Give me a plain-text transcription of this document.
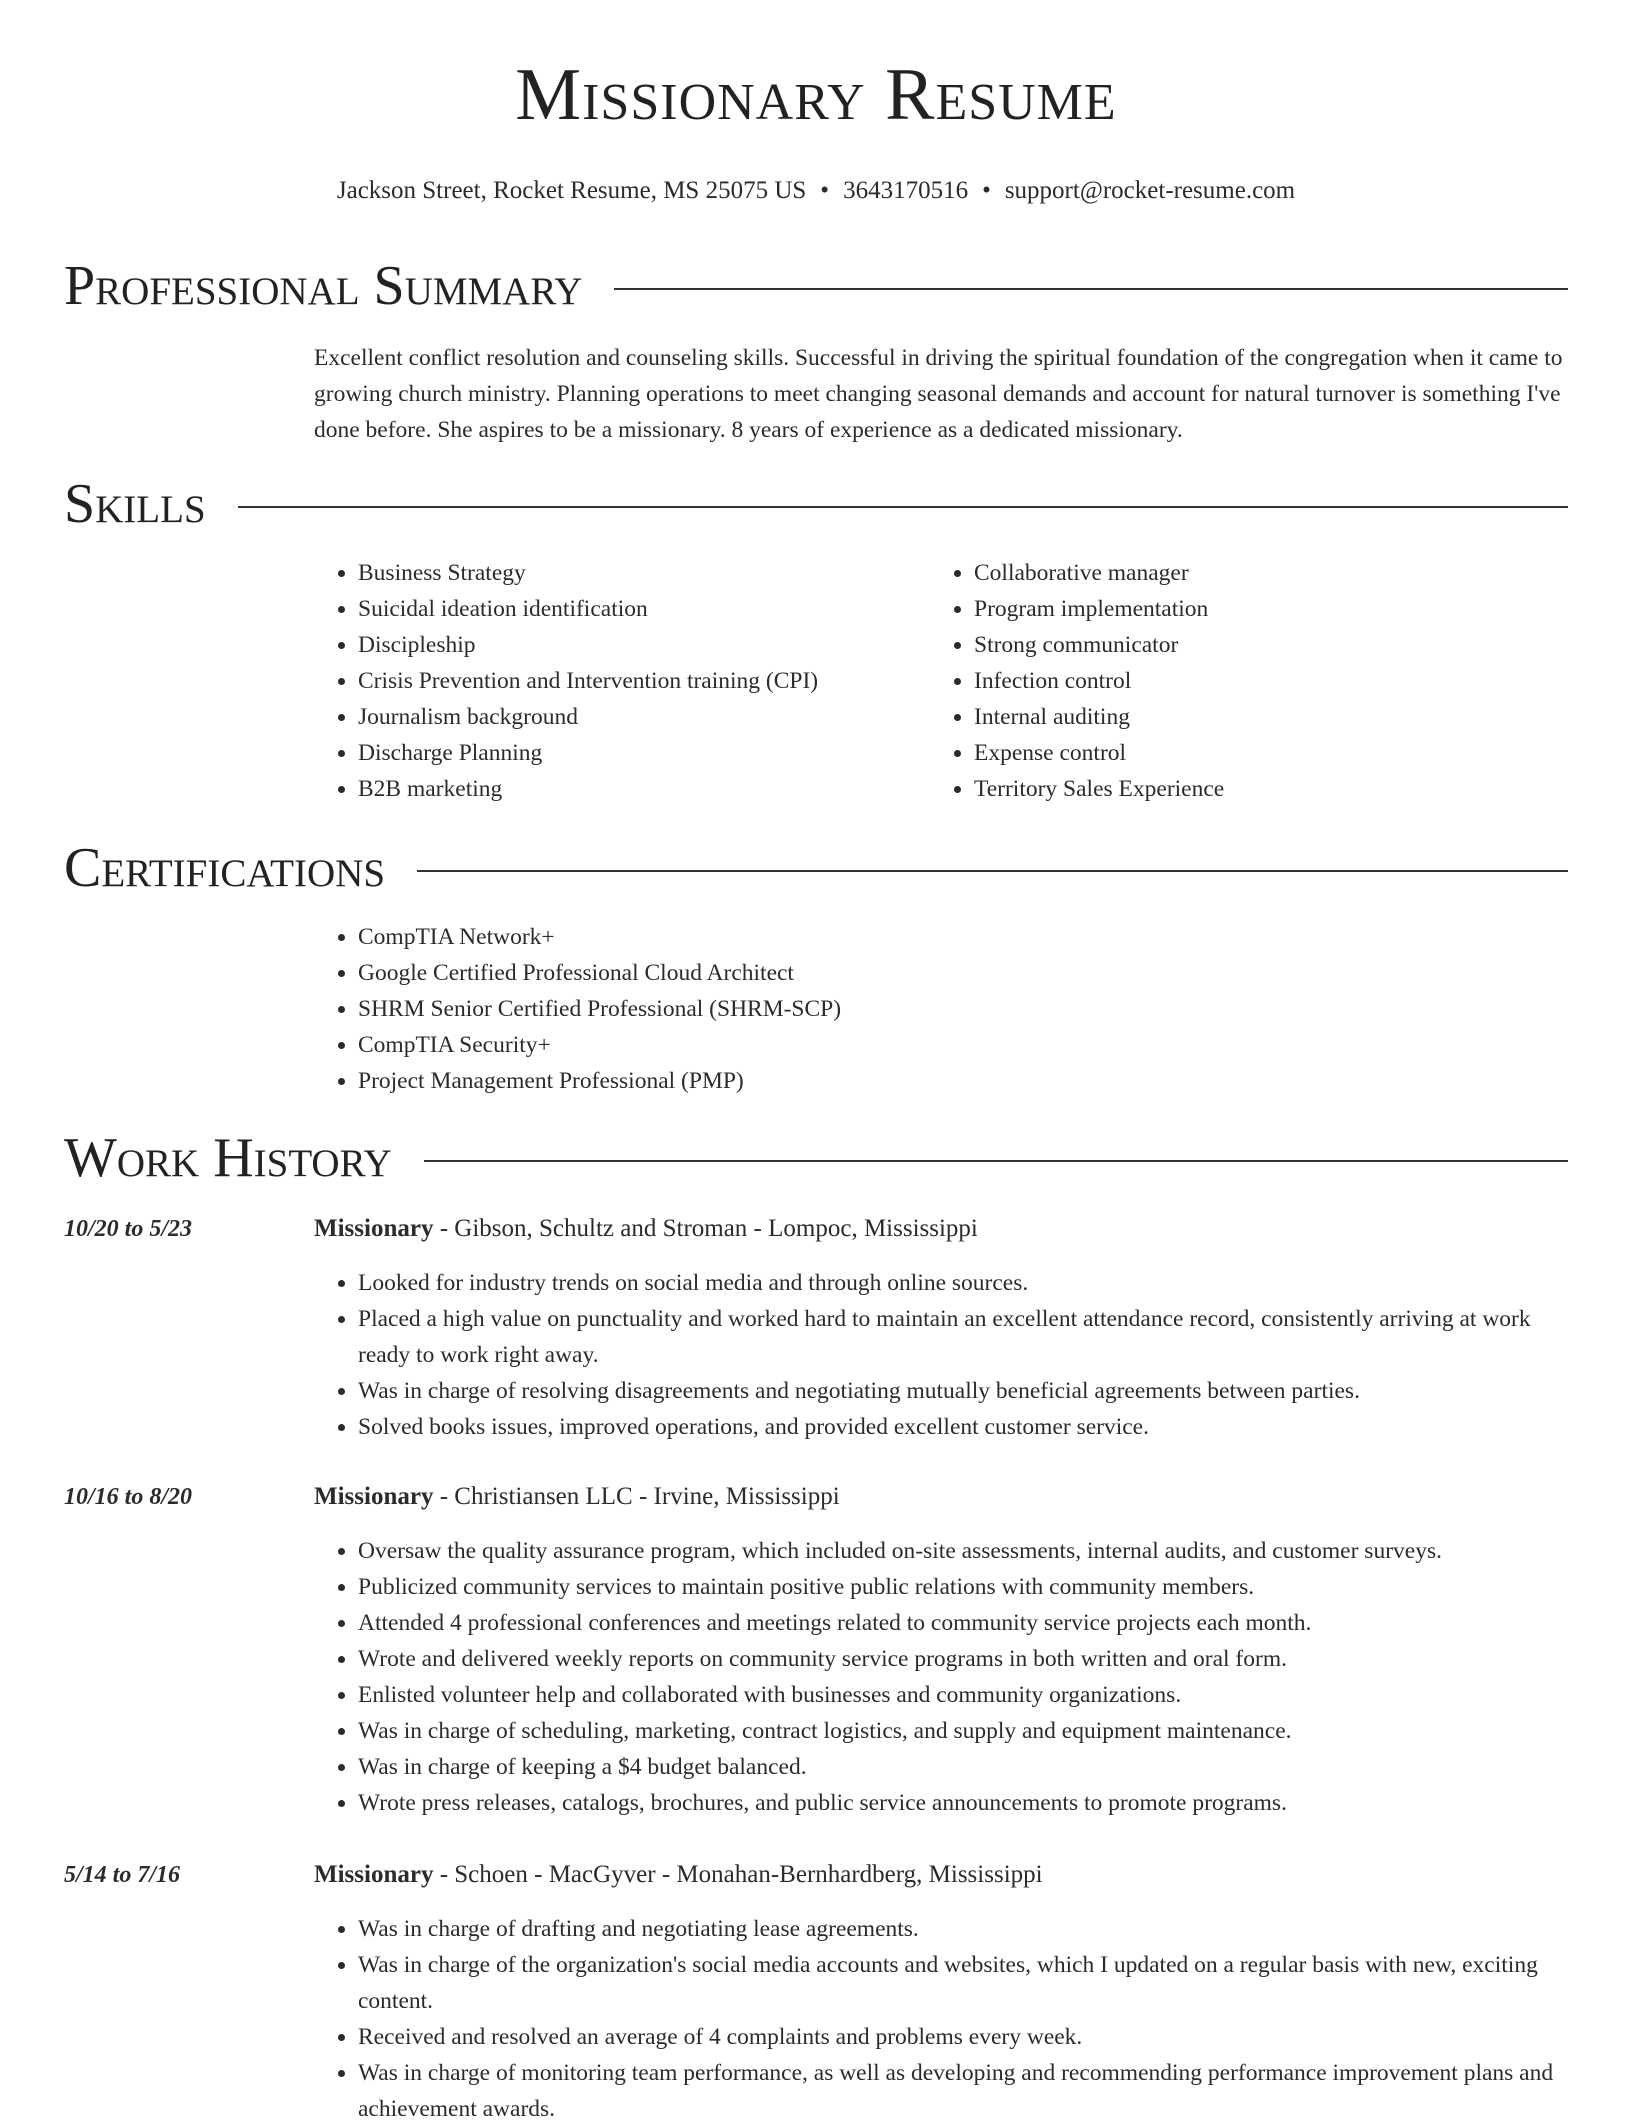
Missionary Resume
Jackson Street, Rocket Resume, MS 25075 US • 3643170516 • support@rocket-resume.com
Professional Summary

Excellent conflict resolution and counseling skills. Successful in driving the spiritual foundation of the congregation when it came to growing church ministry. Planning operations to meet changing seasonal demands and account for natural turnover is something I've done before. She aspires to be a missionary. 8 years of experience as a dedicated missionary.

Skills
• Business Strategy
• Suicidal ideation identification
• Discipleship
• Crisis Prevention and Intervention training (CPI)
• Journalism background
• Discharge Planning
• B2B marketing
• Collaborative manager
• Program implementation
• Strong communicator
• Infection control
• Internal auditing
• Expense control
• Territory Sales Experience
Certifications
• CompTIA Network+
• Google Certified Professional Cloud Architect
• SHRM Senior Certified Professional (SHRM-SCP)
• CompTIA Security+
• Project Management Professional (PMP)
Work History
10/20 to 5/23	Missionary - Gibson, Schultz and Stroman - Lompoc, Mississippi
• Looked for industry trends on social media and through online sources.
• Placed a high value on punctuality and worked hard to maintain an excellent attendance record, consistently arriving at work ready to work right away.
• Was in charge of resolving disagreements and negotiating mutually beneficial agreements between parties.
• Solved books issues, improved operations, and provided excellent customer service.
10/16 to 8/20	Missionary - Christiansen LLC - Irvine, Mississippi
• Oversaw the quality assurance program, which included on-site assessments, internal audits, and customer surveys.
• Publicized community services to maintain positive public relations with community members.
• Attended 4 professional conferences and meetings related to community service projects each month.
• Wrote and delivered weekly reports on community service programs in both written and oral form.
• Enlisted volunteer help and collaborated with businesses and community organizations.
• Was in charge of scheduling, marketing, contract logistics, and supply and equipment maintenance.
• Was in charge of keeping a $4 budget balanced.
• Wrote press releases, catalogs, brochures, and public service announcements to promote programs.
5/14 to 7/16	Missionary - Schoen - MacGyver - Monahan-Bernhardberg, Mississippi
• Was in charge of drafting and negotiating lease agreements.
• Was in charge of the organization's social media accounts and websites, which I updated on a regular basis with new, exciting content.
• Received and resolved an average of 4 complaints and problems every week.
• Was in charge of monitoring team performance, as well as developing and recommending performance improvement plans and achievement awards.
